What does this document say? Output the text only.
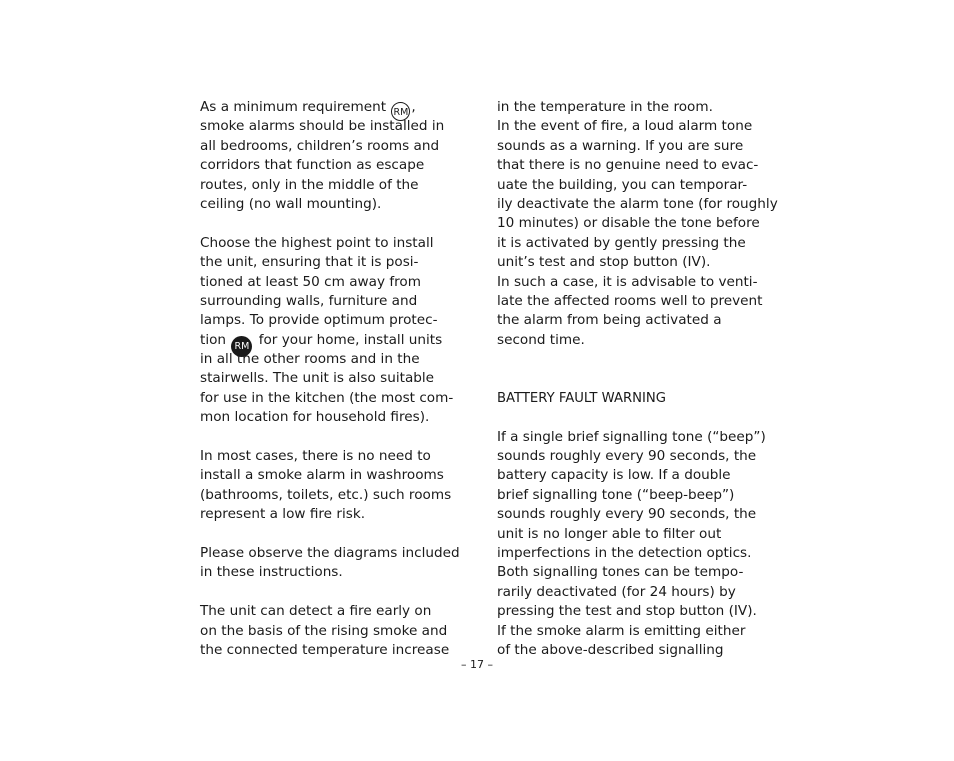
As a minimum requirement RM ,
smoke alarms should be installed in
all bedrooms, children’s rooms and
corridors that function as escape
routes, only in the middle of the
ceiling (no wall mounting).
Choose the highest point to install
the unit, ensuring that it is posi-
tioned at least 50 cm away from
surrounding walls, furniture and
lamps. To provide optimum protec-
tion RM for your home, install units
in all the other rooms and in the
stairwells. The unit is also suitable
for use in the kitchen (the most com-
mon location for household fires).
In most cases, there is no need to
install a smoke alarm in washrooms
(bathrooms, toilets, etc.) such rooms
represent a low fire risk.
Please observe the diagrams included
in these instructions.
The unit can detect a fire early on
on the basis of the rising smoke and
the connected temperature increase
in the temperature in the room.
In the event of fire, a loud alarm tone
sounds as a warning. If you are sure
that there is no genuine need to evac-
uate the building, you can temporar-
ily deactivate the alarm tone (for roughly
10 minutes) or disable the tone before
it is activated by gently pressing the
unit’s test and stop button (IV).
In such a case, it is advisable to venti-
late the affected rooms well to prevent
the alarm from being activated a
second time.
BATTERY FAULT WARNING
If a single brief signalling tone (“beep”)
sounds roughly every 90 seconds, the
battery capacity is low. If a double
brief signalling tone (“beep-beep”)
sounds roughly every 90 seconds, the
unit is no longer able to filter out
imperfections in the detection optics.
Both signalling tones can be tempo-
rarily deactivated (for 24 hours) by
pressing the test and stop button (IV).
If the smoke alarm is emitting either
of the above-described signalling
– 17 –
